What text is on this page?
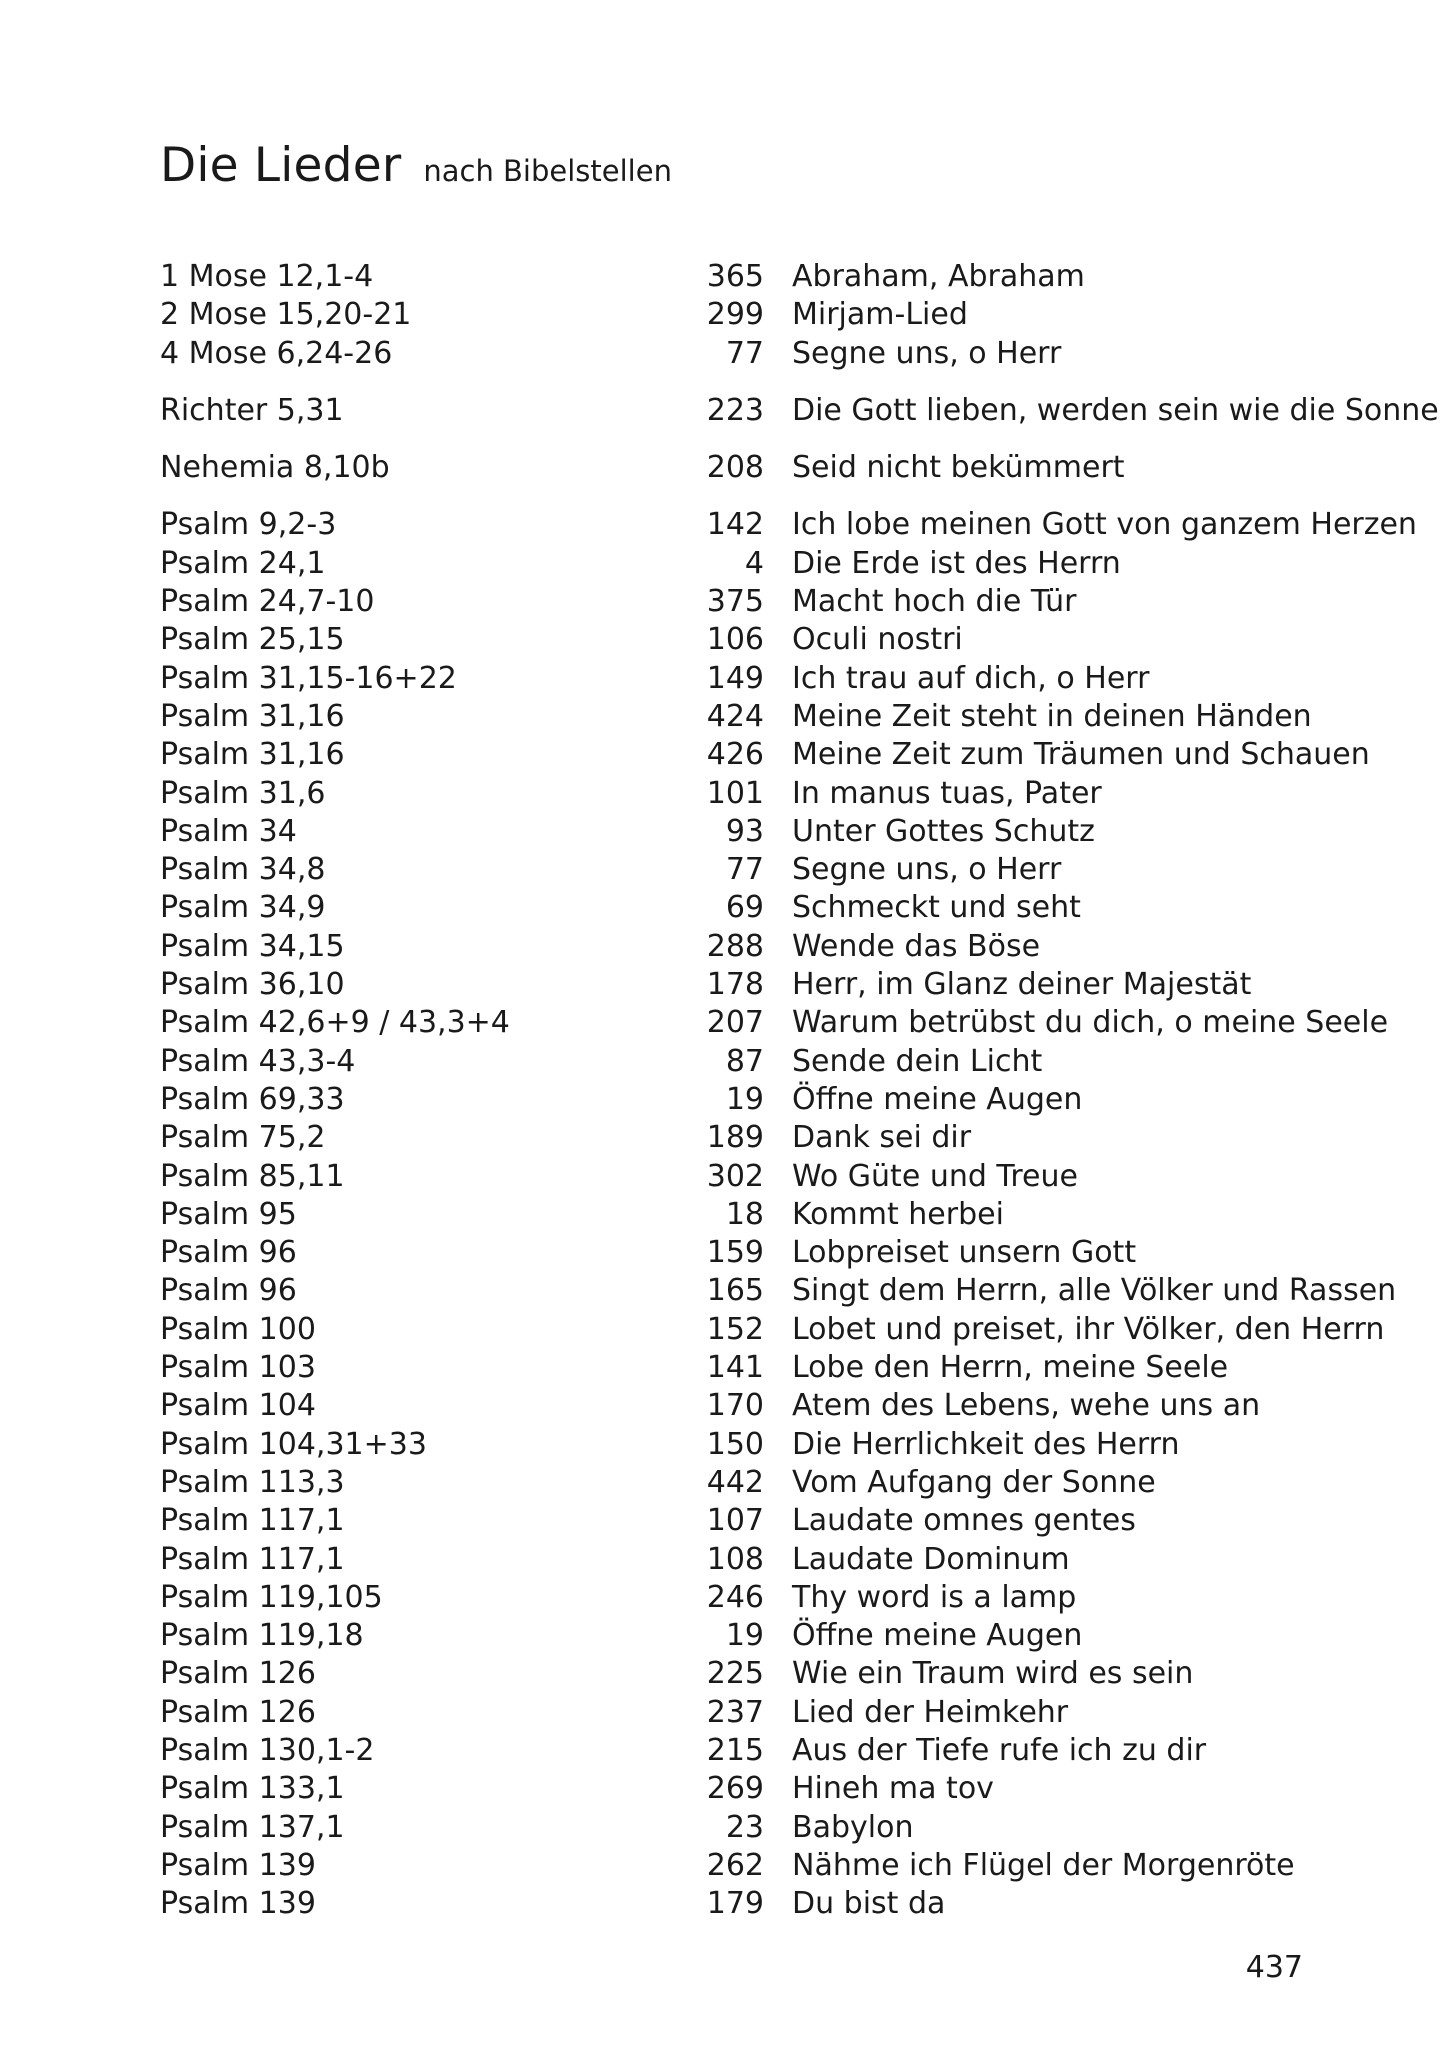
Die Lieder nach Bibelstellen
1 Mose 12,1-4	365 Abraham, Abraham
2 Mose 15,20-21	299 Mirjam-Lied
4 Mose 6,24-26	77 Segne uns, o Herr
Richter 5,31	223 Die Gott lieben, werden sein wie die Sonne
Nehemia 8,10b	208 Seid nicht bekümmert
Psalm 9,2-3	142 Ich lobe meinen Gott von ganzem Herzen
Psalm 24,1	4 Die Erde ist des Herrn
Psalm 24,7-10	375 Macht hoch die Tür
Psalm 25,15	106 Oculi nostri
Psalm 31,15-16+22	149 Ich trau auf dich, o Herr
Psalm 31,16	424 Meine Zeit steht in deinen Händen
Psalm 31,16	426 Meine Zeit zum Träumen und Schauen
Psalm 31,6	101 In manus tuas, Pater
Psalm 34	93 Unter Gottes Schutz
Psalm 34,8	77 Segne uns, o Herr
Psalm 34,9	69 Schmeckt und seht
Psalm 34,15	288 Wende das Böse
Psalm 36,10	178 Herr, im Glanz deiner Majestät
Psalm 42,6+9 / 43,3+4	207 Warum betrübst du dich, o meine Seele
Psalm 43,3-4	87 Sende dein Licht
Psalm 69,33	19 Öffne meine Augen
Psalm 75,2	189 Dank sei dir
Psalm 85,11	302 Wo Güte und Treue
Psalm 95	18 Kommt herbei
Psalm 96	159 Lobpreiset unsern Gott
Psalm 96	165 Singt dem Herrn, alle Völker und Rassen
Psalm 100	152 Lobet und preiset, ihr Völker, den Herrn
Psalm 103	141 Lobe den Herrn, meine Seele
Psalm 104	170 Atem des Lebens, wehe uns an
Psalm 104,31+33	150 Die Herrlichkeit des Herrn
Psalm 113,3	442 Vom Aufgang der Sonne
Psalm 117,1	107 Laudate omnes gentes
Psalm 117,1	108 Laudate Dominum
Psalm 119,105	246 Thy word is a lamp
Psalm 119,18	19 Öffne meine Augen
Psalm 126	225 Wie ein Traum wird es sein
Psalm 126	237 Lied der Heimkehr
Psalm 130,1-2	215 Aus der Tiefe rufe ich zu dir
Psalm 133,1	269 Hineh ma tov
Psalm 137,1	23 Babylon
Psalm 139	262 Nähme ich Flügel der Morgenröte
Psalm 139	179 Du bist da
437
